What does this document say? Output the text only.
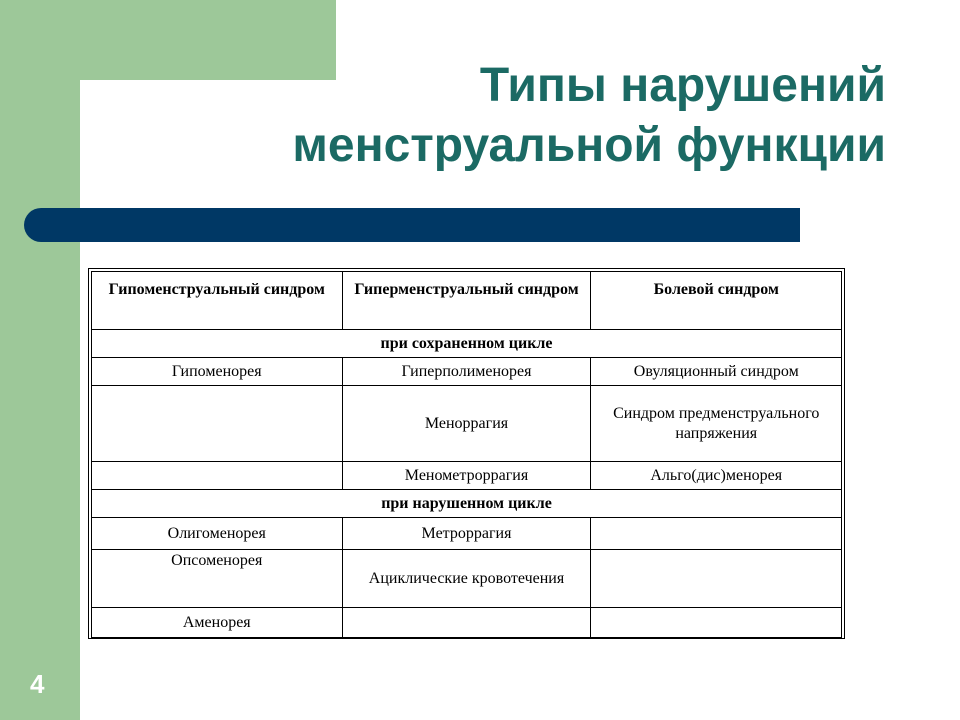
Типы нарушений
менструальной функции
Гипоменструальный синдром	Гиперменструальный синдром	Болевой синдром
при сохраненном цикле		
Гипоменорея	Гиперполименорея	Овуляционный синдром
	Меноррагия	Синдром предменструального напряжения
	Менометроррагия	Альго(дис)менорея
при нарушенном цикле		
Олигоменорея	Метроррагия	
Опсоменорея	Ациклические кровотечения	
Аменорея		
4
